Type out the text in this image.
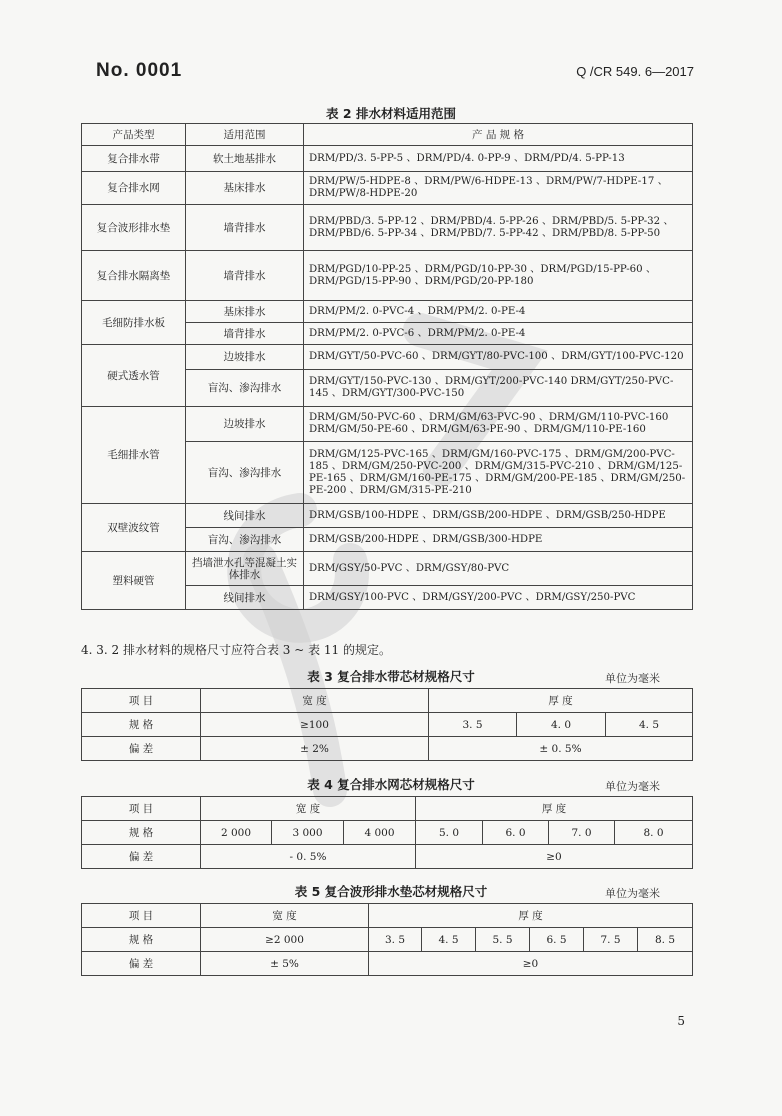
No. 0001	Q /CR 549. 6—2017
表 2 排水材料适用范围
产品类型	适用范围	产 品 规 格
复合排水带	软土地基排水	DRM/PD/3. 5-PP-5 、DRM/PD/4. 0-PP-9 、DRM/PD/4. 5-PP-13
复合排水网	基床排水	DRM/PW/5-HDPE-8 、DRM/PW/6-HDPE-13 、DRM/PW/7-HDPE-17 、DRM/PW/8-HDPE-20
复合波形排水垫	墙背排水	DRM/PBD/3. 5-PP-12 、DRM/PBD/4. 5-PP-26 、DRM/PBD/5. 5-PP-32 、DRM/PBD/6. 5-PP-34 、DRM/PBD/7. 5-PP-42 、DRM/PBD/8. 5-PP-50
复合排水隔离垫	墙背排水	DRM/PGD/10-PP-25 、DRM/PGD/10-PP-30 、DRM/PGD/15-PP-60 、DRM/PGD/15-PP-90 、DRM/PGD/20-PP-180
毛细防排水板	基床排水	DRM/PM/2. 0-PVC-4 、DRM/PM/2. 0-PE-4
	墙背排水	DRM/PM/2. 0-PVC-6 、DRM/PM/2. 0-PE-4
硬式透水管	边坡排水	DRM/GYT/50-PVC-60 、DRM/GYT/80-PVC-100 、DRM/GYT/100-PVC-120
	盲沟、渗沟排水	DRM/GYT/150-PVC-130 、DRM/GYT/200-PVC-140 DRM/GYT/250-PVC-145 、DRM/GYT/300-PVC-150
毛细排水管	边坡排水	DRM/GM/50-PVC-60 、DRM/GM/63-PVC-90 、DRM/GM/110-PVC-160 DRM/GM/50-PE-60 、DRM/GM/63-PE-90 、DRM/GM/110-PE-160
	盲沟、渗沟排水	DRM/GM/125-PVC-165 、DRM/GM/160-PVC-175 、DRM/GM/200-PVC-185 、DRM/GM/250-PVC-200 、DRM/GM/315-PVC-210 、DRM/GM/125-PE-165 、DRM/GM/160-PE-175 、DRM/GM/200-PE-185 、DRM/GM/250-PE-200 、DRM/GM/315-PE-210
双壁波纹管	线间排水	DRM/GSB/100-HDPE 、DRM/GSB/200-HDPE 、DRM/GSB/250-HDPE
	盲沟、渗沟排水	DRM/GSB/200-HDPE 、DRM/GSB/300-HDPE
塑料硬管	挡墙泄水孔等混凝土实体排水	DRM/GSY/50-PVC 、DRM/GSY/80-PVC
	线间排水	DRM/GSY/100-PVC 、DRM/GSY/200-PVC 、DRM/GSY/250-PVC
4. 3. 2 排水材料的规格尺寸应符合表 3 ~ 表 11 的规定。
表 3 复合排水带芯材规格尺寸	单位为毫米
项 目	宽 度	厚 度		
规 格	≥100	3. 5	4. 0	4. 5
偏 差	± 2%	± 0. 5%		
表 4 复合排水网芯材规格尺寸	单位为毫米
项 目	宽 度			厚 度			
规 格	2 000	3 000	4 000	5. 0	6. 0	7. 0	8. 0
偏 差	- 0. 5%			≥0			
表 5 复合波形排水垫芯材规格尺寸	单位为毫米
项 目	宽 度	厚 度					
规 格	≥2 000	3. 5	4. 5	5. 5	6. 5	7. 5	8. 5
偏 差	± 5%	≥0					
5
